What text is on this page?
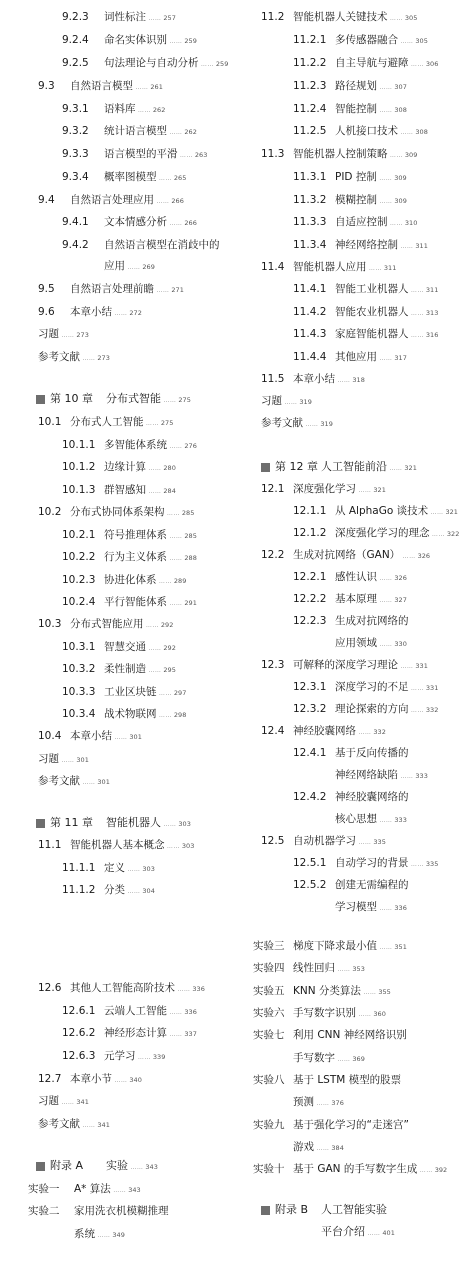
9.2.3 词性标注 …… 257
9.2.4 命名实体识别 …… 259
9.2.5 句法理论与自动分析 …… 259
9.3 自然语言模型 …… 261
9.3.1 语料库 …… 262
9.3.2 统计语言模型 …… 262
9.3.3 语言模型的平滑 …… 263
9.3.4 概率图模型 …… 265
9.4 自然语言处理应用 …… 266
9.4.1 文本情感分析 …… 266
9.4.2 自然语言模型在消歧中的
应用 …… 269
9.5 自然语言处理前瞻 …… 271
9.6 本章小结 …… 272
习题 …… 273
参考文献 …… 273
第 10 章 分布式智能 …… 275
10.1 分布式人工智能 …… 275
10.1.1 多智能体系统 …… 276
10.1.2 边缘计算 …… 280
10.1.3 群智感知 …… 284
10.2 分布式协同体系架构 …… 285
10.2.1 符号推理体系 …… 285
10.2.2 行为主义体系 …… 288
10.2.3 协进化体系 …… 289
10.2.4 平行智能体系 …… 291
10.3 分布式智能应用 …… 292
10.3.1 智慧交通 …… 292
10.3.2 柔性制造 …… 295
10.3.3 工业区块链 …… 297
10.3.4 战术物联网 …… 298
10.4 本章小结 …… 301
习题 …… 301
参考文献 …… 301
第 11 章 智能机器人 …… 303
11.1 智能机器人基本概念 …… 303
11.1.1 定义 …… 303
11.1.2 分类 …… 304
12.6 其他人工智能高阶技术 …… 336
12.6.1 云端人工智能 …… 336
12.6.2 神经形态计算 …… 337
12.6.3 元学习 …… 339
12.7 本章小节 …… 340
习题 …… 341
参考文献 …… 341
附录 A 实验 …… 343
实验一 A* 算法 …… 343
实验二 家用洗衣机模糊推理
系统 …… 349
11.2 智能机器人关键技术 …… 305
11.2.1 多传感器融合 …… 305
11.2.2 自主导航与避障 …… 306
11.2.3 路径规划 …… 307
11.2.4 智能控制 …… 308
11.2.5 人机接口技术 …… 308
11.3 智能机器人控制策略 …… 309
11.3.1 PID 控制 …… 309
11.3.2 模糊控制 …… 309
11.3.3 自适应控制 …… 310
11.3.4 神经网络控制 …… 311
11.4 智能机器人应用 …… 311
11.4.1 智能工业机器人 …… 311
11.4.2 智能农业机器人 …… 313
11.4.3 家庭智能机器人 …… 316
11.4.4 其他应用 …… 317
11.5 本章小结 …… 318
习题 …… 319
参考文献 …… 319
第 12 章 人工智能前沿 …… 321
12.1 深度强化学习 …… 321
12.1.1 从 AlphaGo 谈技术 …… 321
12.1.2 深度强化学习的理念 …… 322
12.2 生成对抗网络（GAN） …… 326
12.2.1 感性认识 …… 326
12.2.2 基本原理 …… 327
12.2.3 生成对抗网络的
应用领域 …… 330
12.3 可解释的深度学习理论 …… 331
12.3.1 深度学习的不足 …… 331
12.3.2 理论探索的方向 …… 332
12.4 神经胶囊网络 …… 332
12.4.1 基于反向传播的
神经网络缺陷 …… 333
12.4.2 神经胶囊网络的
核心思想 …… 333
12.5 自动机器学习 …… 335
12.5.1 自动学习的背景 …… 335
12.5.2 创建无需编程的
学习模型 …… 336
实验三 梯度下降求最小值 …… 351
实验四 线性回归 …… 353
实验五 KNN 分类算法 …… 355
实验六 手写数字识别 …… 360
实验七 利用 CNN 神经网络识别
手写数字 …… 369
实验八 基于 LSTM 模型的股票
预测 …… 376
实验九 基于强化学习的“走迷宫”
游戏 …… 384
实验十 基于 GAN 的手写数字生成 …… 392
附录 B 人工智能实验
平台介绍 …… 401
